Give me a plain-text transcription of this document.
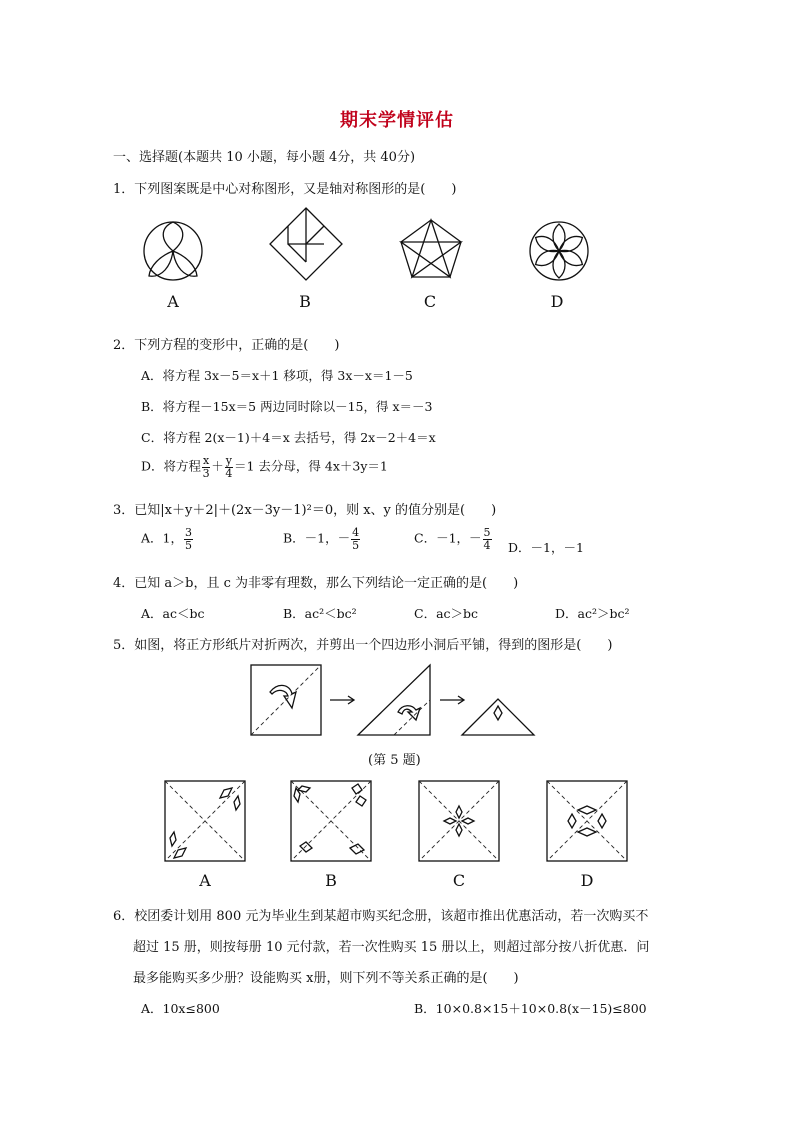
期末学情评估
一、选择题(本题共 10 小题，每小题 4分，共 40分)
1．下列图案既是中心对称图形，又是轴对称图形的是(　　)
A	B	C	D
2．下列方程的变形中，正确的是(　　)
A．将方程 3x－5＝x＋1 移项，得 3x－x＝1－5
B．将方程－15x＝5 两边同时除以－15，得 x＝－3
C．将方程 2(x－1)＋4＝x 去括号，得 2x－2＋4＝x
D．将方程 $\frac{x}{3} + \frac{y}{4} =1$ 去分母，得 4x＋3y＝1
3．已知|x＋y＋2|＋(2x－3y－1)²＝0，则 x、y 的值分别是(　　)
A．1， $\frac{3}{5}$	B．－1，－ $\frac{4}{5}$	C．－1，－ $\frac{5}{4}$ D．－1，－1
4．已知 a＞b，且 c 为非零有理数，那么下列结论一定正确的是(　　)
A．ac＜bc	B．ac²＜bc²	C．ac＞bc	D．ac²＞bc²
5．如图，将正方形纸片对折两次，并剪出一个四边形小洞后平铺，得到的图形是(　　)
(第 5 题)
A	B	C	D
6．校团委计划用 800 元为毕业生到某超市购买纪念册，该超市推出优惠活动，若一次购买不
超过 15 册，则按每册 10 元付款，若一次性购买 15 册以上，则超过部分按八折优惠．问
最多能购买多少册？设能购买 x册，则下列不等关系正确的是(　　)
A．10x≤800	B．10×0.8×15＋10×0.8(x－15)≤800
